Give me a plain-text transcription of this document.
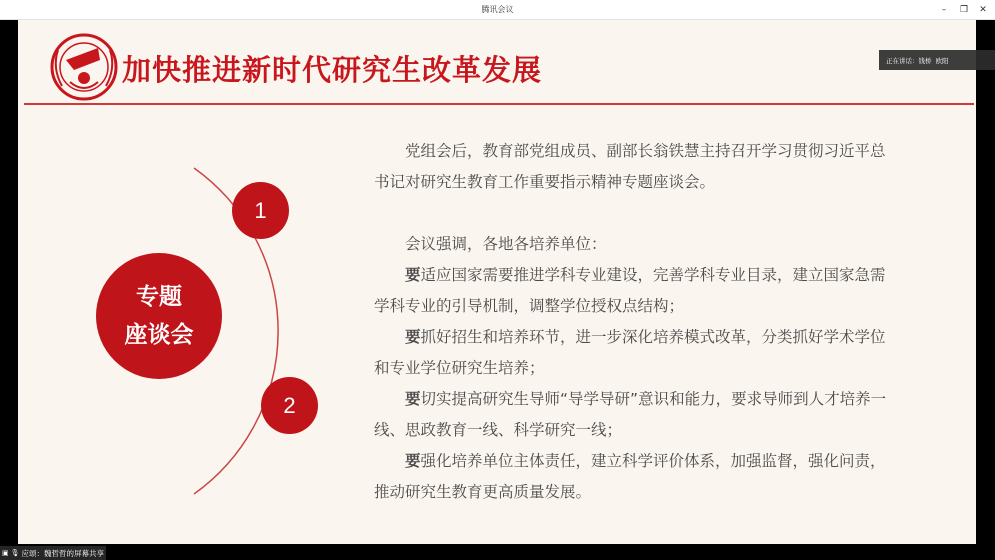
腾讯会议	–	❐	✕
加快推进新时代研究生改革发展
1
2
专题
座谈会

党组会后，教育部党组成员、副部长翁铁慧主持召开学习贯彻习近平总书记对研究生教育工作重要指示精神专题座谈会。

会议强调，各地各培养单位：

要适应国家需要推进学科专业建设，完善学科专业目录，建立国家急需学科专业的引导机制，调整学位授权点结构；

要抓好招生和培养环节，进一步深化培养模式改革，分类抓好学术学位和专业学位研究生培养；

要切实提高研究生导师“导学导研”意识和能力，要求导师到人才培养一线、思政教育一线、科学研究一线；

要强化培养单位主体责任，建立科学评价体系，加强监督，强化问责，推动研究生教育更高质量发展。

正在讲话：钱桥 欧阳
▣ 🎙 应颂：魏哲哲的屏幕共享
